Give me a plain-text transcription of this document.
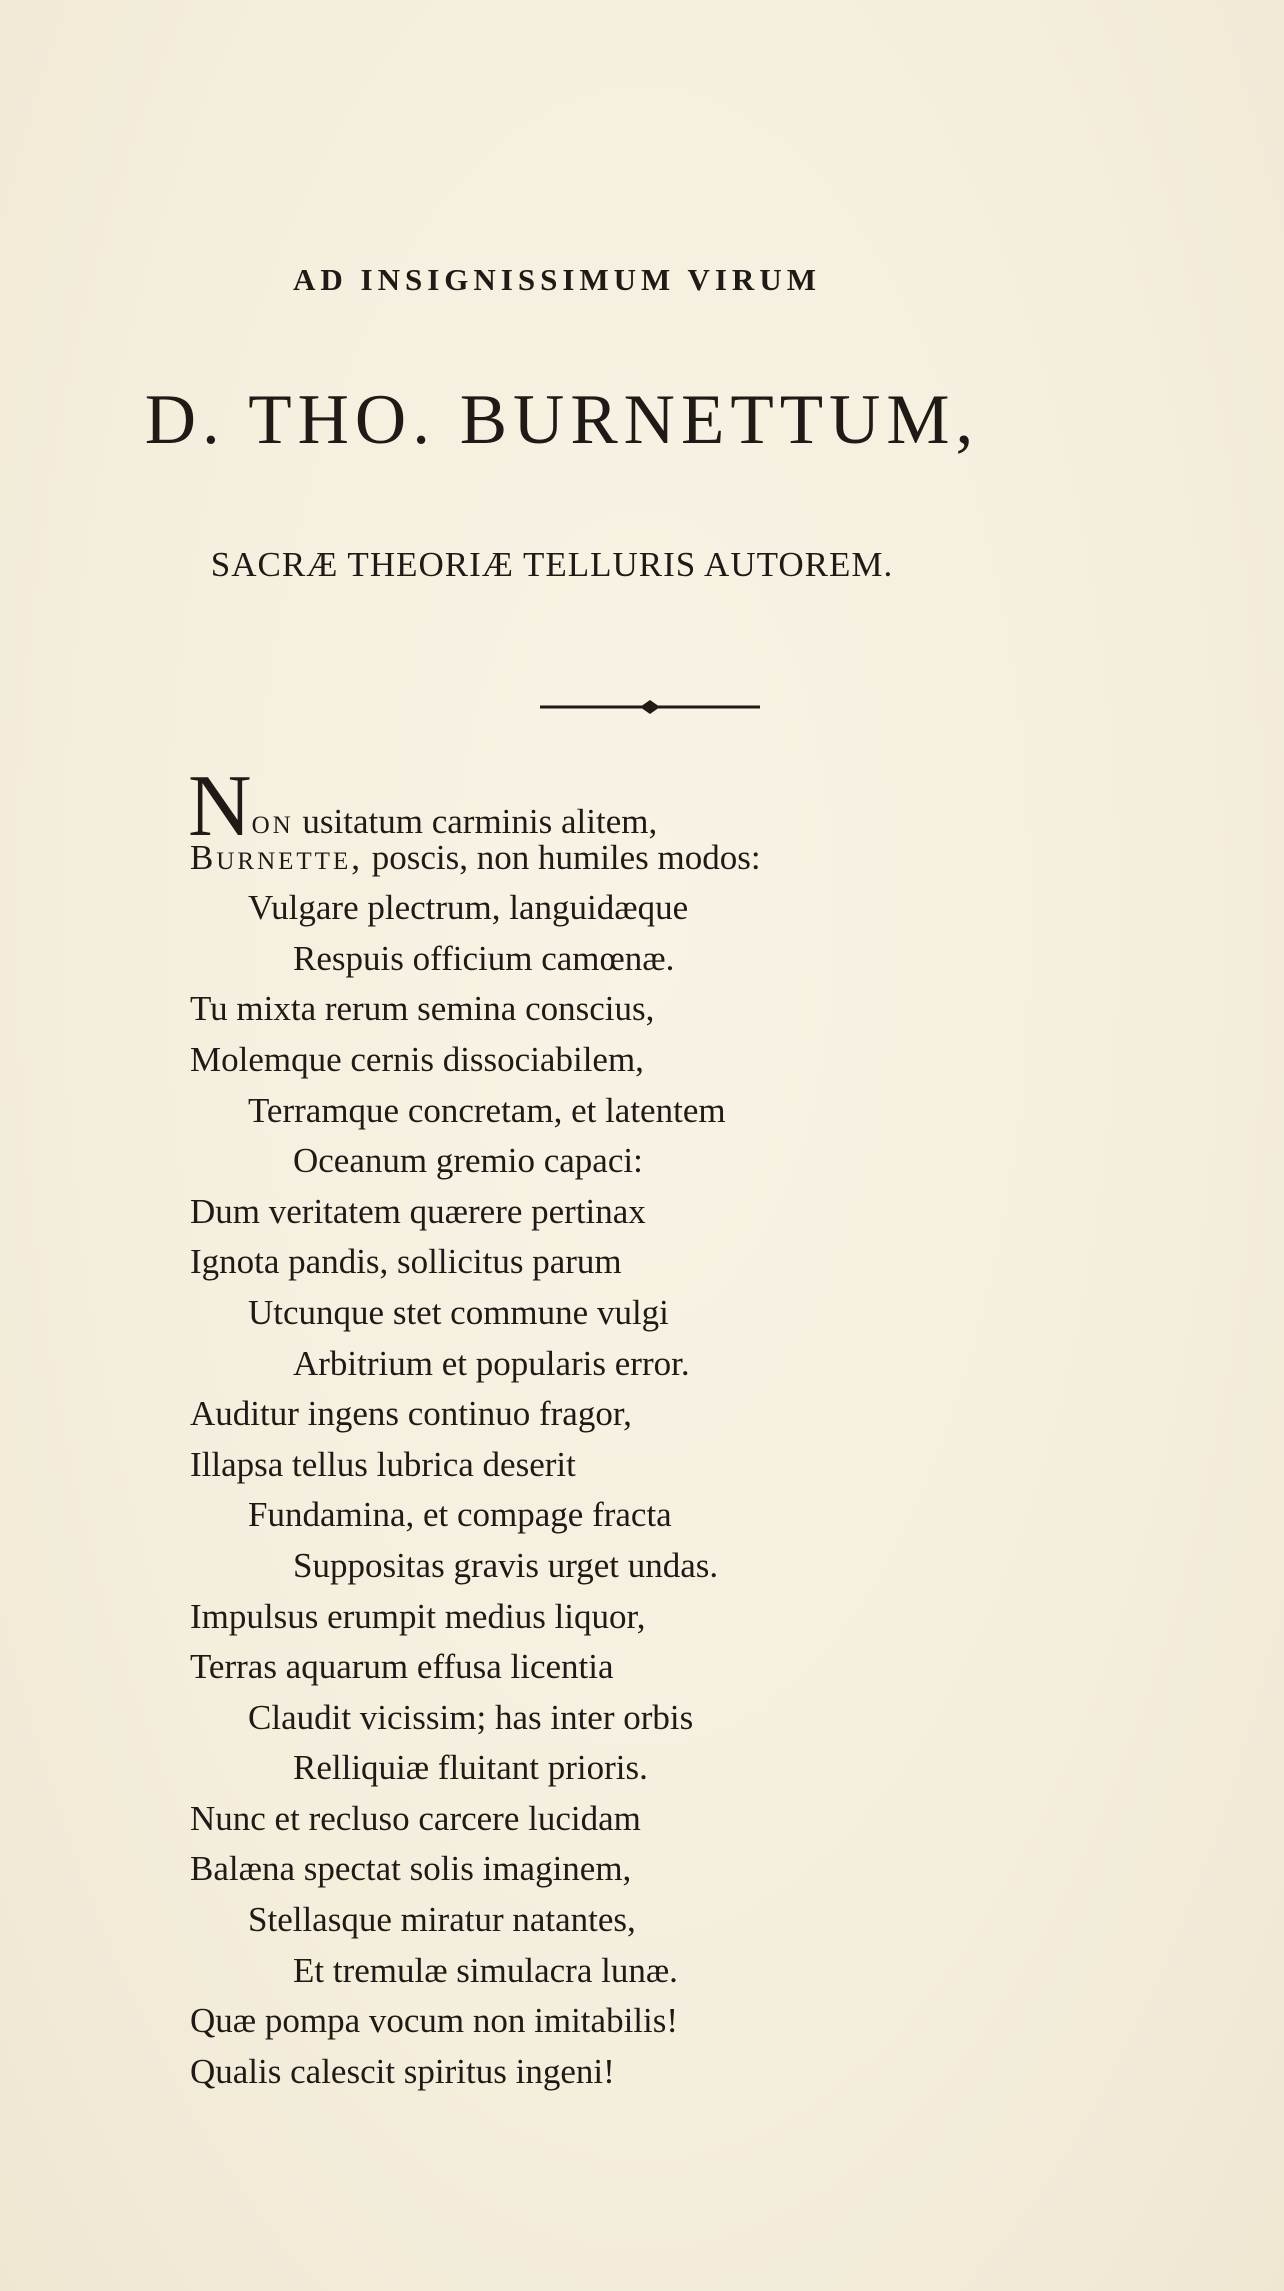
AD INSIGNISSIMUM VIRUM
D. THO. BURNETTUM,
SACRÆ THEORIÆ TELLURIS AUTOREM.
Non usitatum carminis alitem,
Burnette, poscis, non humiles modos:
Vulgare plectrum, languidæque
Respuis officium camœnæ.
Tu mixta rerum semina conscius,
Molemque cernis dissociabilem,
Terramque concretam, et latentem
Oceanum gremio capaci:
Dum veritatem quærere pertinax
Ignota pandis, sollicitus parum
Utcunque stet commune vulgi
Arbitrium et popularis error.
Auditur ingens continuo fragor,
Illapsa tellus lubrica deserit
Fundamina, et compage fracta
Suppositas gravis urget undas.
Impulsus erumpit medius liquor,
Terras aquarum effusa licentia
Claudit vicissim; has inter orbis
Relliquiæ fluitant prioris.
Nunc et recluso carcere lucidam
Balæna spectat solis imaginem,
Stellasque miratur natantes,
Et tremulæ simulacra lunæ.
Quæ pompa vocum non imitabilis!
Qualis calescit spiritus ingeni!
